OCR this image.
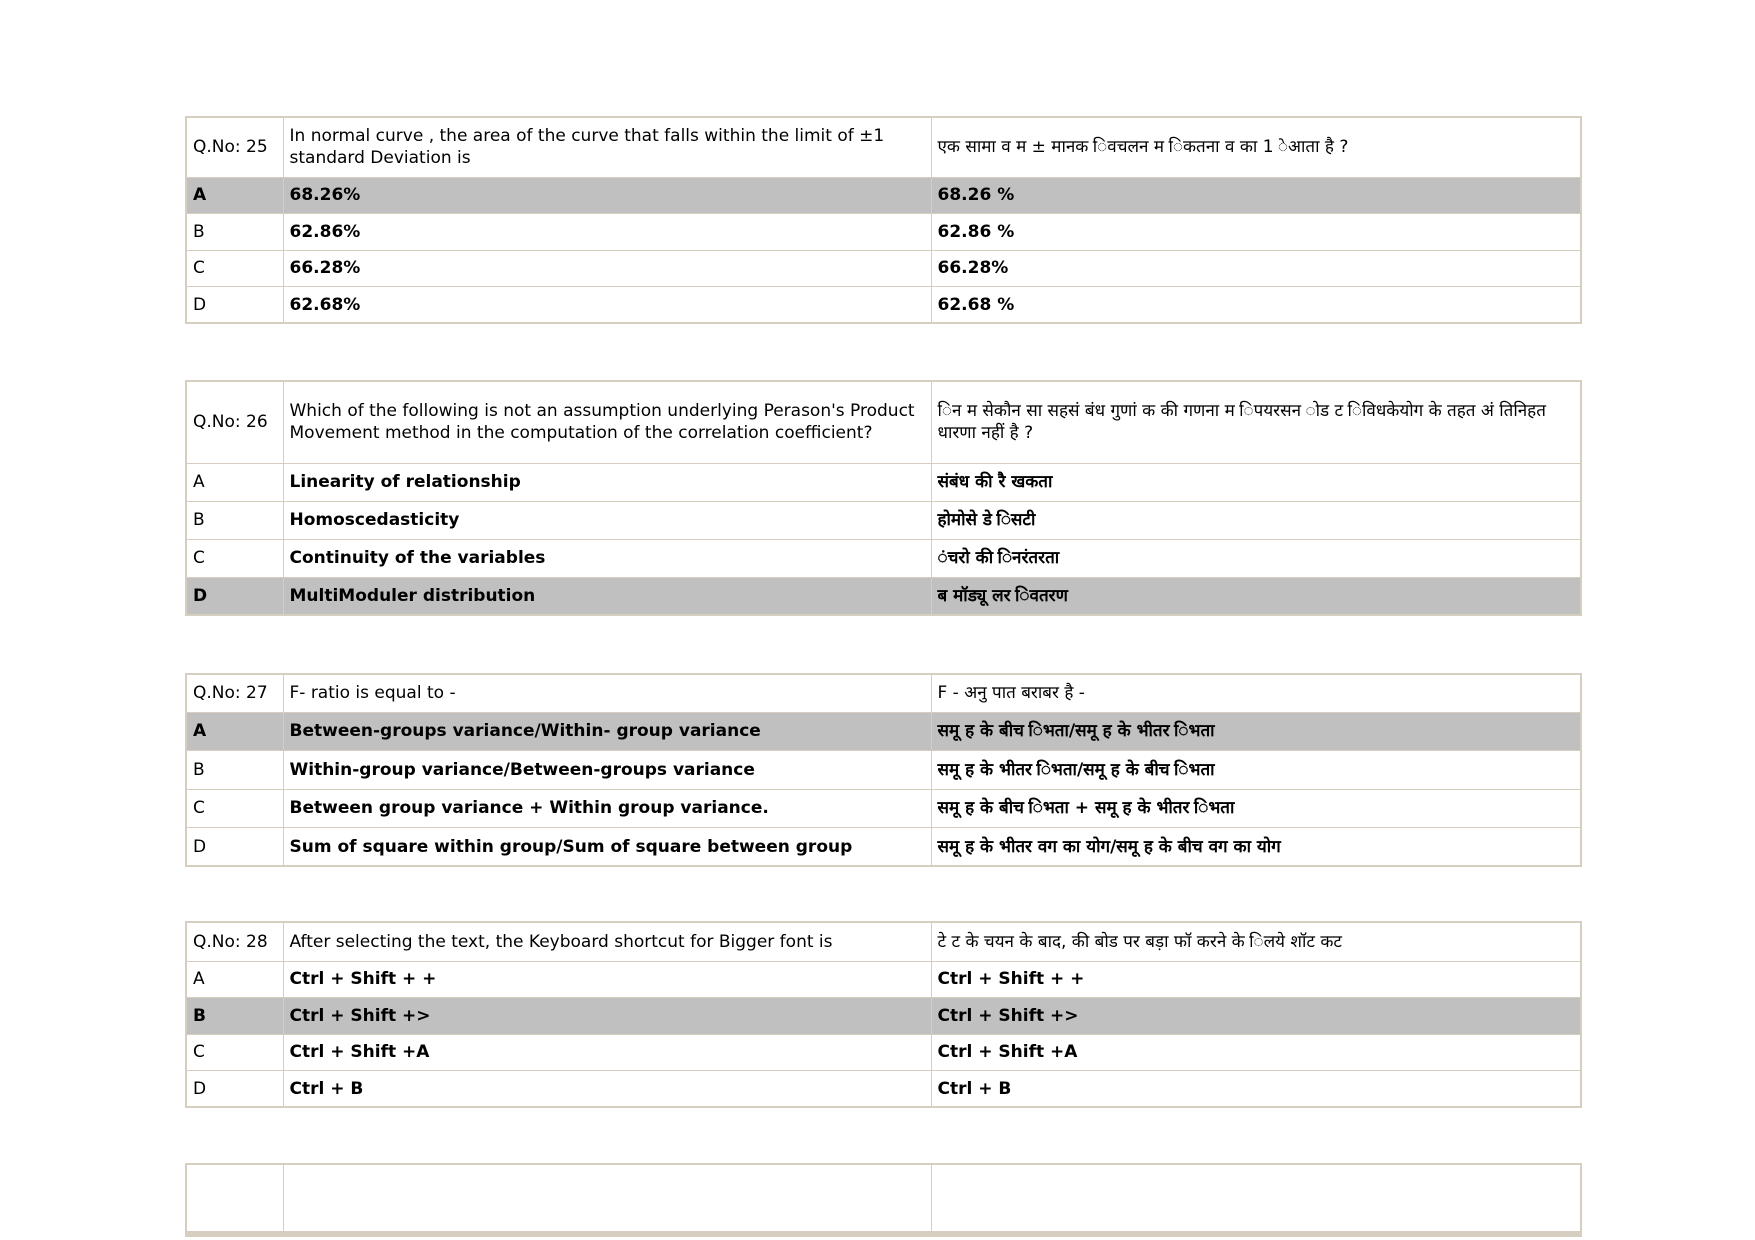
Q.No: 25	In normal curve , the area of the curve that falls within the limit of ±1 standard Deviation is	एक सामा व म ± मानक िवचलन म िकतना व का 1 ेआता है ?
A	68.26%	68.26 %
B	62.86%	62.86 %
C	66.28%	66.28%
D	62.68%	62.68 %
Q.No: 26	Which of the following is not an assumption underlying Perason's Product Movement method in the computation of the correlation coefficient?	िन म सेकौन सा सहसं बंध गुणां क की गणना म िपयरसन ोड ट िविधकेयोग के तहत अं तिनिहत धारणा नहीं है ?
A	Linearity of relationship	संबंध की रै खकता
B	Homoscedasticity	होमोसे डे िसटी
C	Continuity of the variables	ंचरो की िनरंतरता
D	MultiModuler distribution	ब मॉड्यू लर िवतरण
Q.No: 27	F- ratio is equal to -	F - अनु पात बराबर है -
A	Between-groups variance/Within- group variance	समू ह के बीच िभता/समू ह के भीतर िभता
B	Within-group variance/Between-groups variance	समू ह के भीतर िभता/समू ह के बीच िभता
C	Between group variance + Within group variance.	समू ह के बीच िभता + समू ह के भीतर िभता
D	Sum of square within group/Sum of square between group	समू ह के भीतर वग का योग/समू ह के बीच वग का योग
Q.No: 28	After selecting the text, the Keyboard shortcut for Bigger font is	टे ट के चयन के बाद, की बोड पर बड़ा फॉ करने के िलये शॉट कट
A	Ctrl + Shift + +	Ctrl + Shift + +
B	Ctrl + Shift +>	Ctrl + Shift +>
C	Ctrl + Shift +A	Ctrl + Shift +A
D	Ctrl + B	Ctrl + B
